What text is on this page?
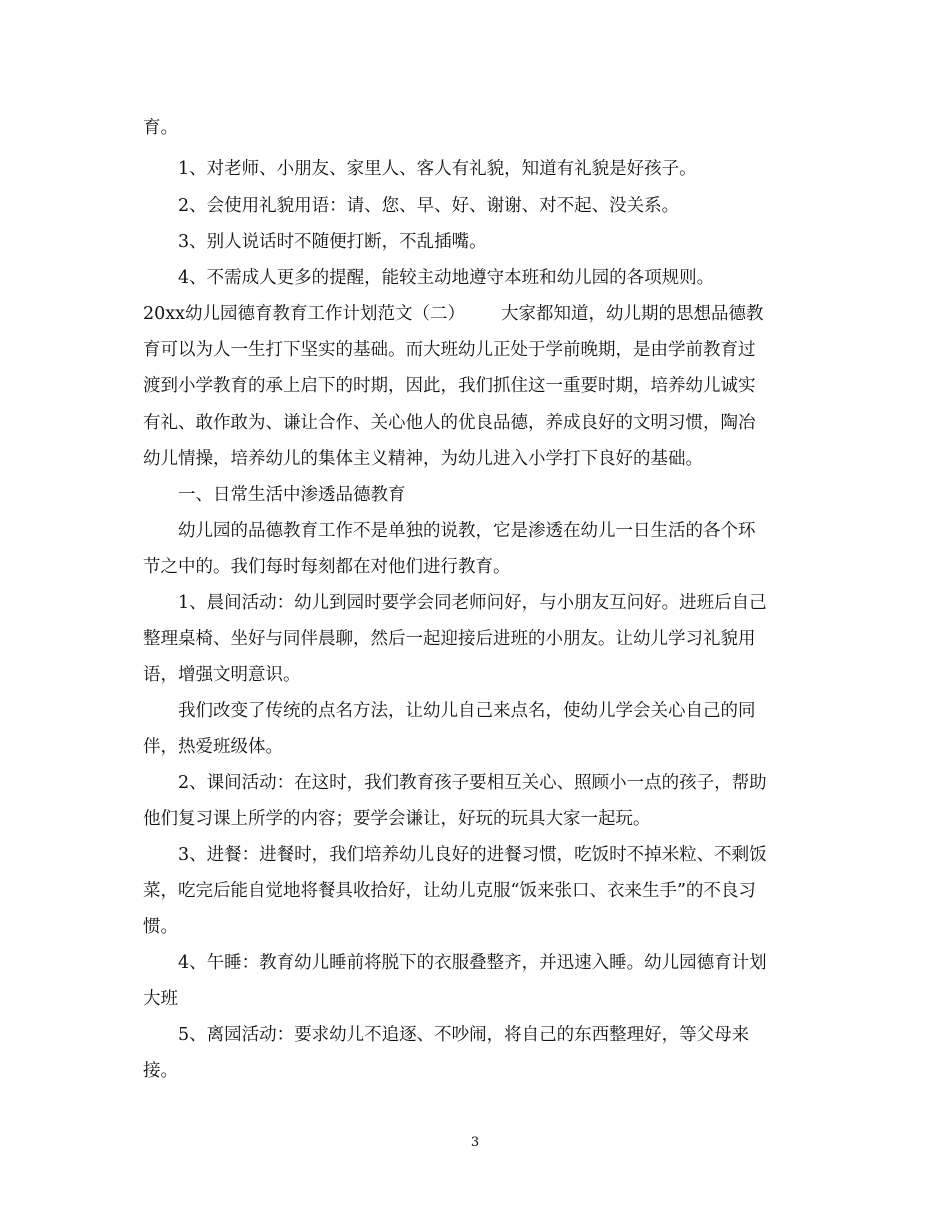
育。
1、对老师、小朋友、家里人、客人有礼貌，知道有礼貌是好孩子。
2、会使用礼貌用语：请、您、早、好、谢谢、对不起、没关系。
3、别人说话时不随便打断，不乱插嘴。
4、不需成人更多的提醒，能较主动地遵守本班和幼儿园的各项规则。
20xx幼儿园德育教育工作计划范文（二） 大家都知道，幼儿期的思想品德教
育可以为人一生打下坚实的基础。而大班幼儿正处于学前晚期，是由学前教育过
渡到小学教育的承上启下的时期，因此，我们抓住这一重要时期，培养幼儿诚实
有礼、敢作敢为、谦让合作、关心他人的优良品德，养成良好的文明习惯，陶冶
幼儿情操，培养幼儿的集体主义精神，为幼儿进入小学打下良好的基础。
一、日常生活中渗透品德教育
幼儿园的品德教育工作不是单独的说教，它是渗透在幼儿一日生活的各个环
节之中的。我们每时每刻都在对他们进行教育。
1、晨间活动：幼儿到园时要学会同老师问好，与小朋友互问好。进班后自己
整理桌椅、坐好与同伴晨聊，然后一起迎接后进班的小朋友。让幼儿学习礼貌用
语，增强文明意识。
我们改变了传统的点名方法，让幼儿自己来点名，使幼儿学会关心自己的同
伴，热爱班级体。
2、课间活动：在这时，我们教育孩子要相互关心、照顾小一点的孩子，帮助
他们复习课上所学的内容；要学会谦让，好玩的玩具大家一起玩。
3、进餐：进餐时，我们培养幼儿良好的进餐习惯，吃饭时不掉米粒、不剩饭
菜，吃完后能自觉地将餐具收拾好，让幼儿克服“饭来张口、衣来生手”的不良习
惯。
4、午睡：教育幼儿睡前将脱下的衣服叠整齐，并迅速入睡。幼儿园德育计划
大班
5、离园活动：要求幼儿不追逐、不吵闹，将自己的东西整理好，等父母来
接。
3
